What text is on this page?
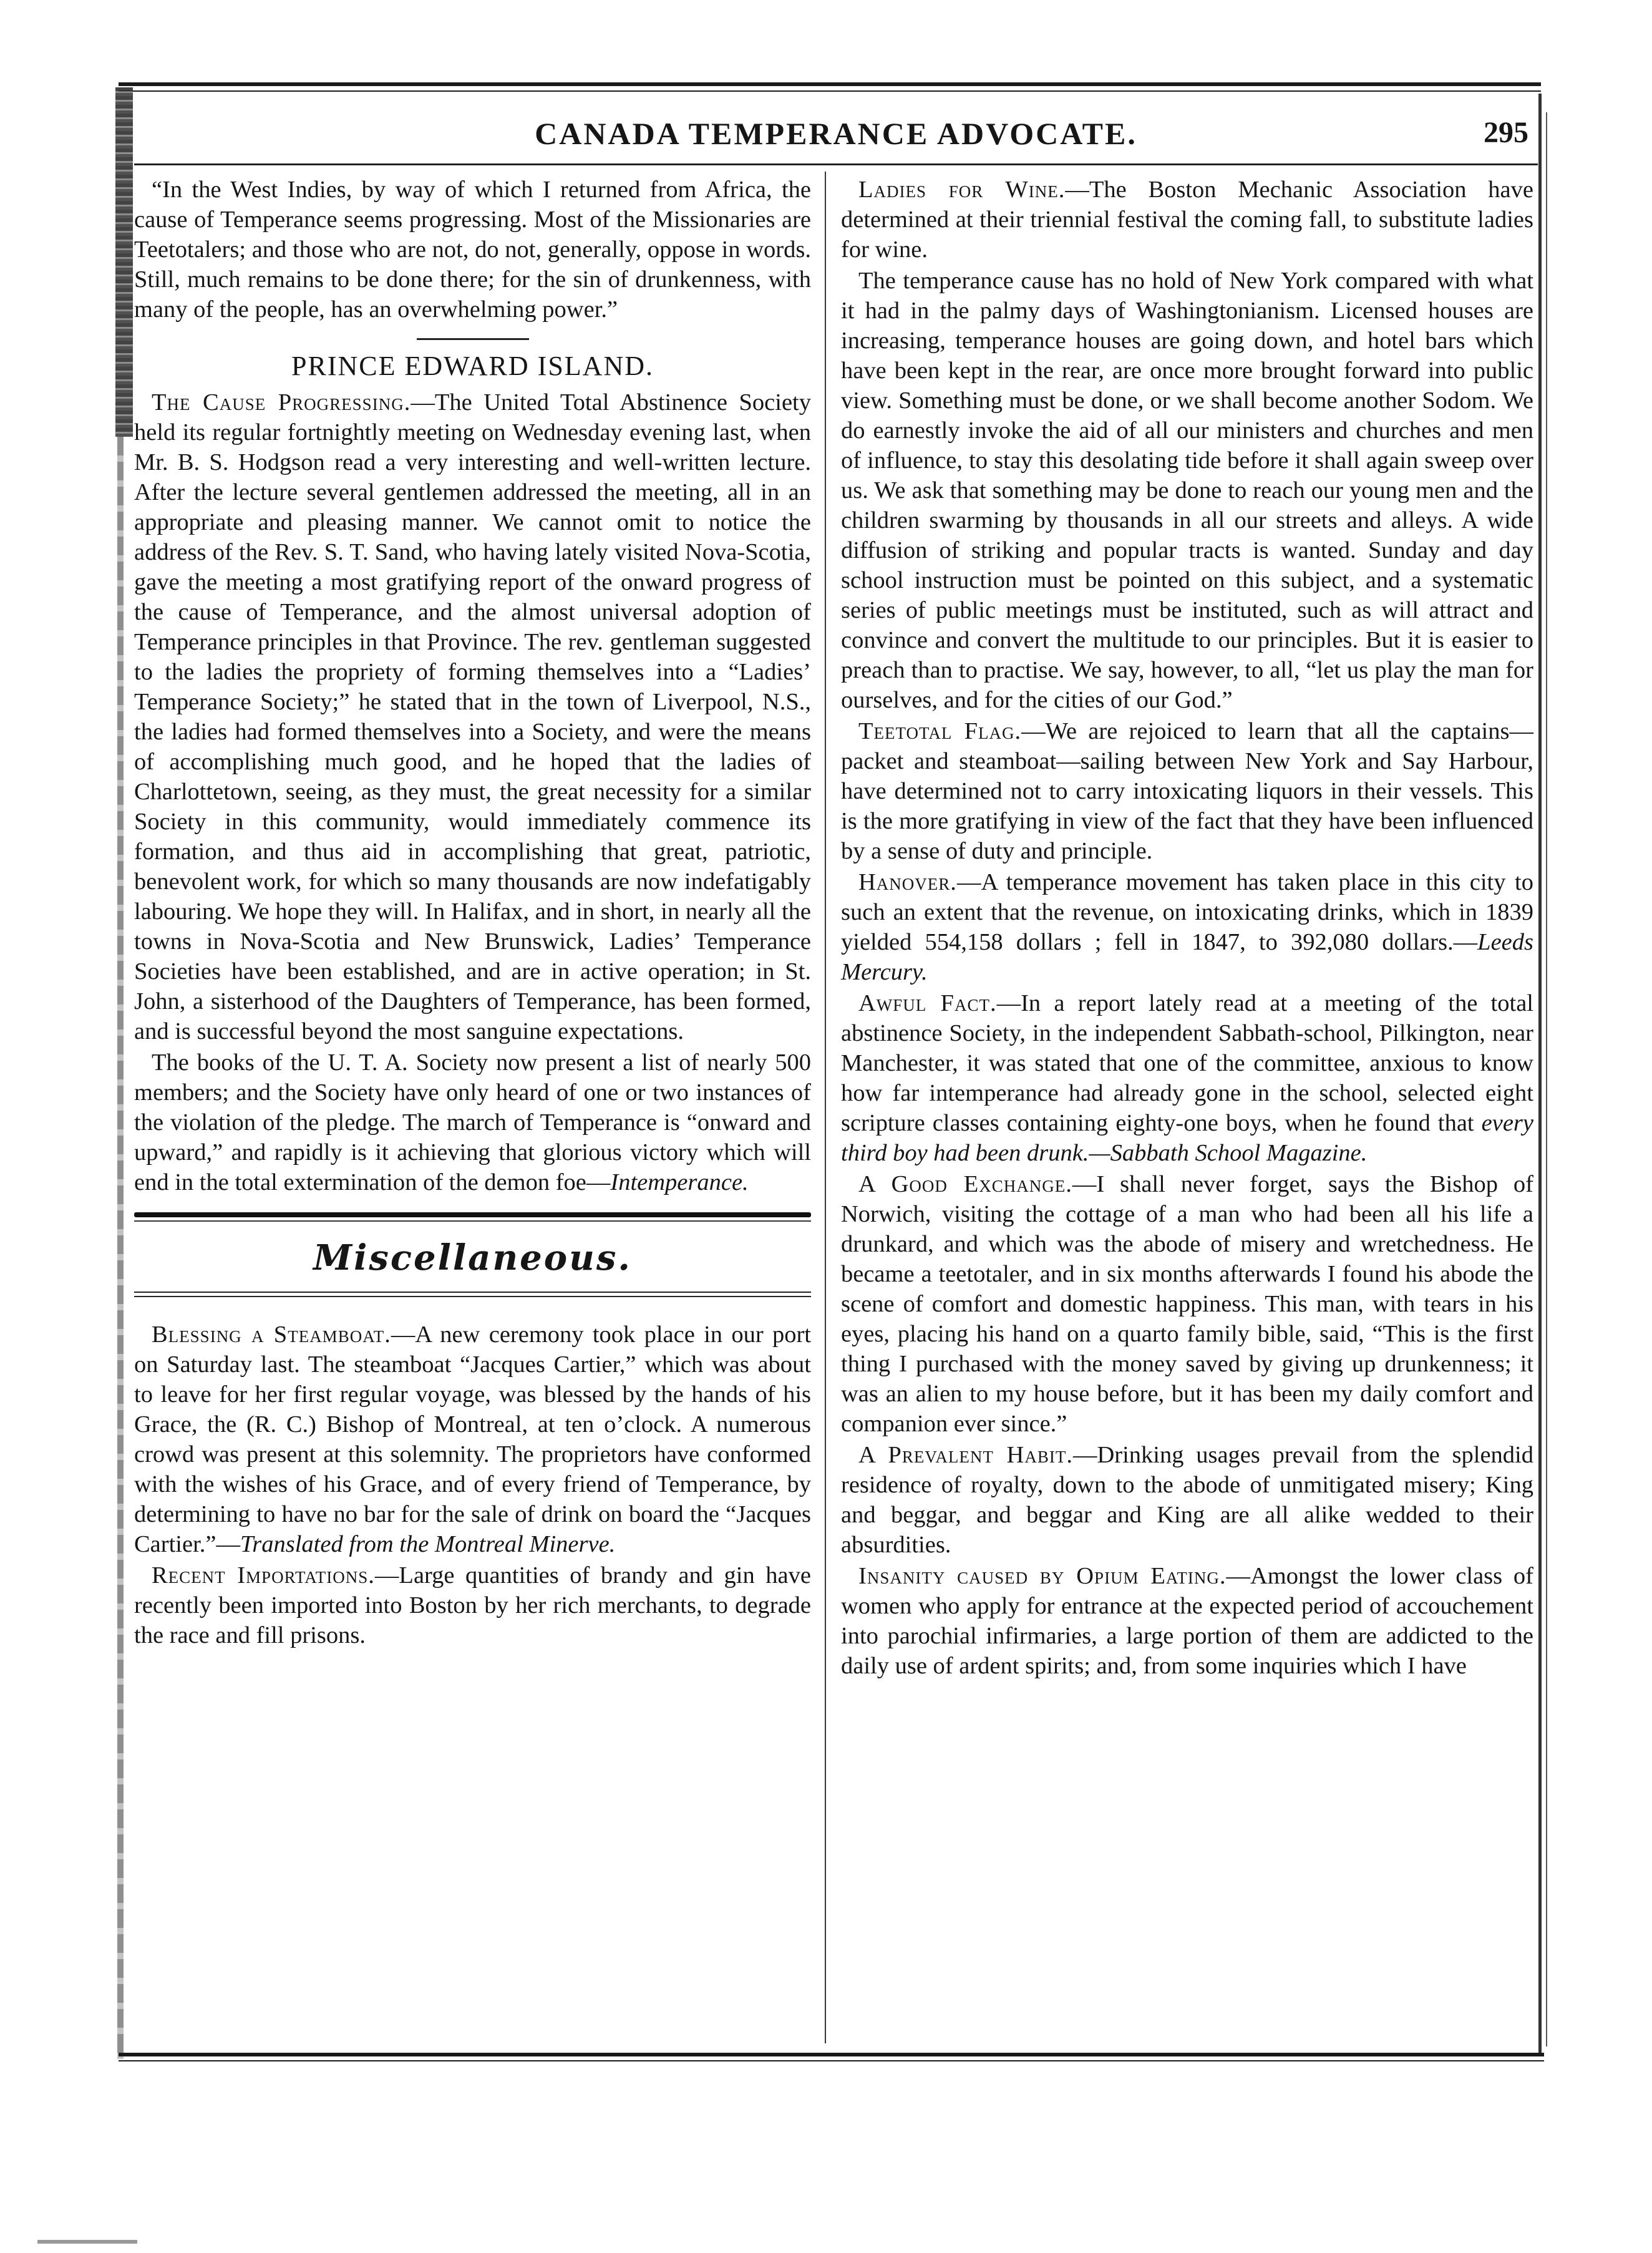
CANADA TEMPERANCE ADVOCATE.	295

“In the West Indies, by way of which I returned from Africa, the cause of Temperance seems progressing. Most of the Missionaries are Teetotalers; and those who are not, do not, generally, oppose in words. Still, much remains to be done there; for the sin of drunkenness, with many of the people, has an overwhelming power.”

PRINCE EDWARD ISLAND.

The Cause Progressing.—The United Total Abstinence Society held its regular fortnightly meeting on Wednesday evening last, when Mr. B. S. Hodgson read a very interesting and well-written lecture. After the lecture several gentlemen addressed the meeting, all in an appropriate and pleasing manner. We cannot omit to notice the address of the Rev. S. T. Sand, who having lately visited Nova-Scotia, gave the meeting a most gratifying report of the onward progress of the cause of Temperance, and the almost universal adoption of Temperance principles in that Province. The rev. gentleman suggested to the ladies the propriety of forming themselves into a “Ladies’ Temperance Society;” he stated that in the town of Liverpool, N.S., the ladies had formed themselves into a Society, and were the means of accomplishing much good, and he hoped that the ladies of Charlottetown, seeing, as they must, the great necessity for a similar Society in this community, would immediately commence its formation, and thus aid in accomplishing that great, patriotic, benevolent work, for which so many thousands are now indefatigably labouring. We hope they will. In Halifax, and in short, in nearly all the towns in Nova-Scotia and New Brunswick, Ladies’ Temperance Societies have been established, and are in active operation; in St. John, a sisterhood of the Daughters of Temperance, has been formed, and is successful beyond the most sanguine expectations.

The books of the U. T. A. Society now present a list of nearly 500 members; and the Society have only heard of one or two instances of the violation of the pledge. The march of Temperance is “onward and upward,” and rapidly is it achieving that glorious victory which will end in the total extermination of the demon foe—Intemperance.

Miscellaneous.

Blessing a Steamboat.—A new ceremony took place in our port on Saturday last. The steamboat “Jacques Cartier,” which was about to leave for her first regular voyage, was blessed by the hands of his Grace, the (R. C.) Bishop of Montreal, at ten o’clock. A numerous crowd was present at this solemnity. The proprietors have conformed with the wishes of his Grace, and of every friend of Temperance, by determining to have no bar for the sale of drink on board the “Jacques Cartier.”—Translated from the Montreal Minerve.

Recent Importations.—Large quantities of brandy and gin have recently been imported into Boston by her rich merchants, to degrade the race and fill prisons.

Ladies for Wine.—The Boston Mechanic Association have determined at their triennial festival the coming fall, to substitute ladies for wine.

The temperance cause has no hold of New York compared with what it had in the palmy days of Washingtonianism. Licensed houses are increasing, temperance houses are going down, and hotel bars which have been kept in the rear, are once more brought forward into public view. Something must be done, or we shall become another Sodom. We do earnestly invoke the aid of all our ministers and churches and men of influence, to stay this desolating tide before it shall again sweep over us. We ask that something may be done to reach our young men and the children swarming by thousands in all our streets and alleys. A wide diffusion of striking and popular tracts is wanted. Sunday and day school instruction must be pointed on this subject, and a systematic series of public meetings must be instituted, such as will attract and convince and convert the multitude to our principles. But it is easier to preach than to practise. We say, however, to all, “let us play the man for ourselves, and for the cities of our God.”

Teetotal Flag.—We are rejoiced to learn that all the captains—packet and steamboat—sailing between New York and Say Harbour, have determined not to carry intoxicating liquors in their vessels. This is the more gratifying in view of the fact that they have been influenced by a sense of duty and principle.

Hanover.—A temperance movement has taken place in this city to such an extent that the revenue, on intoxicating drinks, which in 1839 yielded 554,158 dollars ; fell in 1847, to 392,080 dollars.—Leeds Mercury.

Awful Fact.—In a report lately read at a meeting of the total abstinence Society, in the independent Sabbath-school, Pilkington, near Manchester, it was stated that one of the committee, anxious to know how far intemperance had already gone in the school, selected eight scripture classes containing eighty-one boys, when he found that every third boy had been drunk.—Sabbath School Magazine.

A Good Exchange.—I shall never forget, says the Bishop of Norwich, visiting the cottage of a man who had been all his life a drunkard, and which was the abode of misery and wretchedness. He became a teetotaler, and in six months afterwards I found his abode the scene of comfort and domestic happiness. This man, with tears in his eyes, placing his hand on a quarto family bible, said, “This is the first thing I purchased with the money saved by giving up drunkenness; it was an alien to my house before, but it has been my daily comfort and companion ever since.”

A Prevalent Habit.—Drinking usages prevail from the splendid residence of royalty, down to the abode of unmitigated misery; King and beggar, and beggar and King are all alike wedded to their absurdities.

Insanity caused by Opium Eating.—Amongst the lower class of women who apply for entrance at the expected period of accouchement into parochial infirmaries, a large portion of them are addicted to the daily use of ardent spirits; and, from some inquiries which I have
